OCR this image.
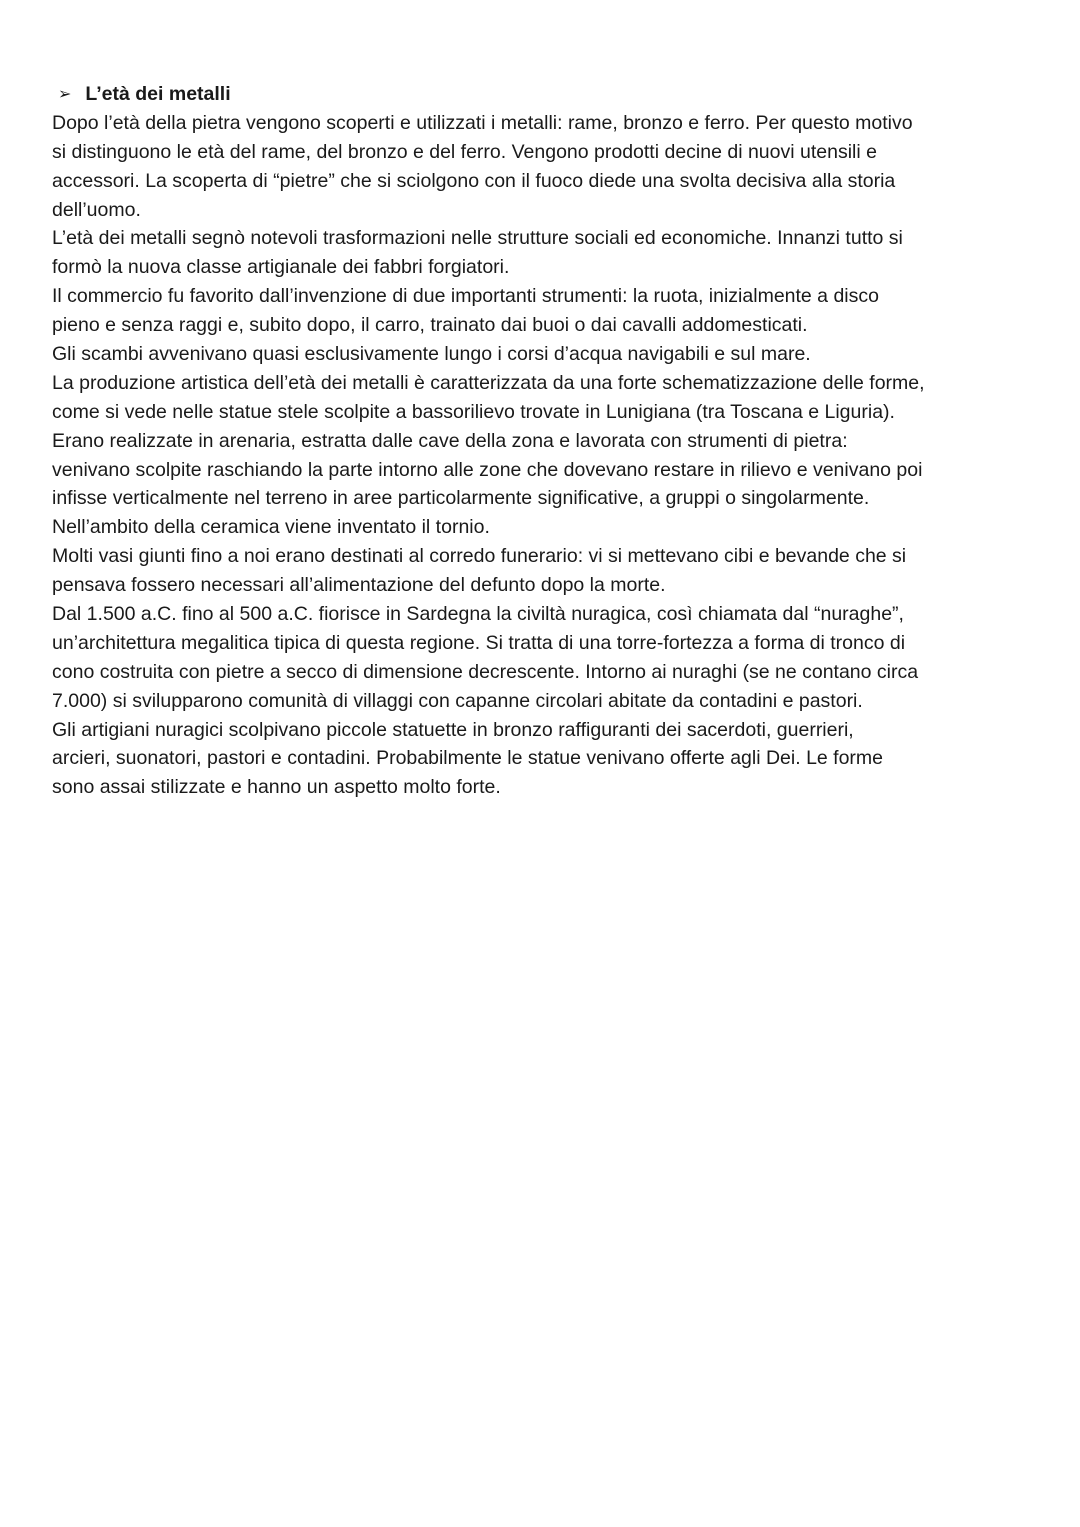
➢ L’età dei metalli
Dopo l’età della pietra vengono scoperti e utilizzati i metalli: rame, bronzo e ferro. Per questo motivo
si distinguono le età del rame, del bronzo e del ferro. Vengono prodotti decine di nuovi utensili e
accessori. La scoperta di “pietre” che si sciolgono con il fuoco diede una svolta decisiva alla storia
dell’uomo.
L’età dei metalli segnò notevoli trasformazioni nelle strutture sociali ed economiche. Innanzi tutto si
formò la nuova classe artigianale dei fabbri forgiatori.
Il commercio fu favorito dall’invenzione di due importanti strumenti: la ruota, inizialmente a disco
pieno e senza raggi e, subito dopo, il carro, trainato dai buoi o dai cavalli addomesticati.
Gli scambi avvenivano quasi esclusivamente lungo i corsi d’acqua navigabili e sul mare.
La produzione artistica dell’età dei metalli è caratterizzata da una forte schematizzazione delle forme,
come si vede nelle statue stele scolpite a bassorilievo trovate in Lunigiana (tra Toscana e Liguria).
Erano realizzate in arenaria, estratta dalle cave della zona e lavorata con strumenti di pietra:
venivano scolpite raschiando la parte intorno alle zone che dovevano restare in rilievo e venivano poi
infisse verticalmente nel terreno in aree particolarmente significative, a gruppi o singolarmente.
Nell’ambito della ceramica viene inventato il tornio.
Molti vasi giunti fino a noi erano destinati al corredo funerario: vi si mettevano cibi e bevande che si
pensava fossero necessari all’alimentazione del defunto dopo la morte.
Dal 1.500 a.C. fino al 500 a.C. fiorisce in Sardegna la civiltà nuragica, così chiamata dal “nuraghe”,
un’architettura megalitica tipica di questa regione. Si tratta di una torre-fortezza a forma di tronco di
cono costruita con pietre a secco di dimensione decrescente. Intorno ai nuraghi (se ne contano circa
7.000) si svilupparono comunità di villaggi con capanne circolari abitate da contadini e pastori.
Gli artigiani nuragici scolpivano piccole statuette in bronzo raffiguranti dei sacerdoti, guerrieri,
arcieri, suonatori, pastori e contadini. Probabilmente le statue venivano offerte agli Dei. Le forme
sono assai stilizzate e hanno un aspetto molto forte.
